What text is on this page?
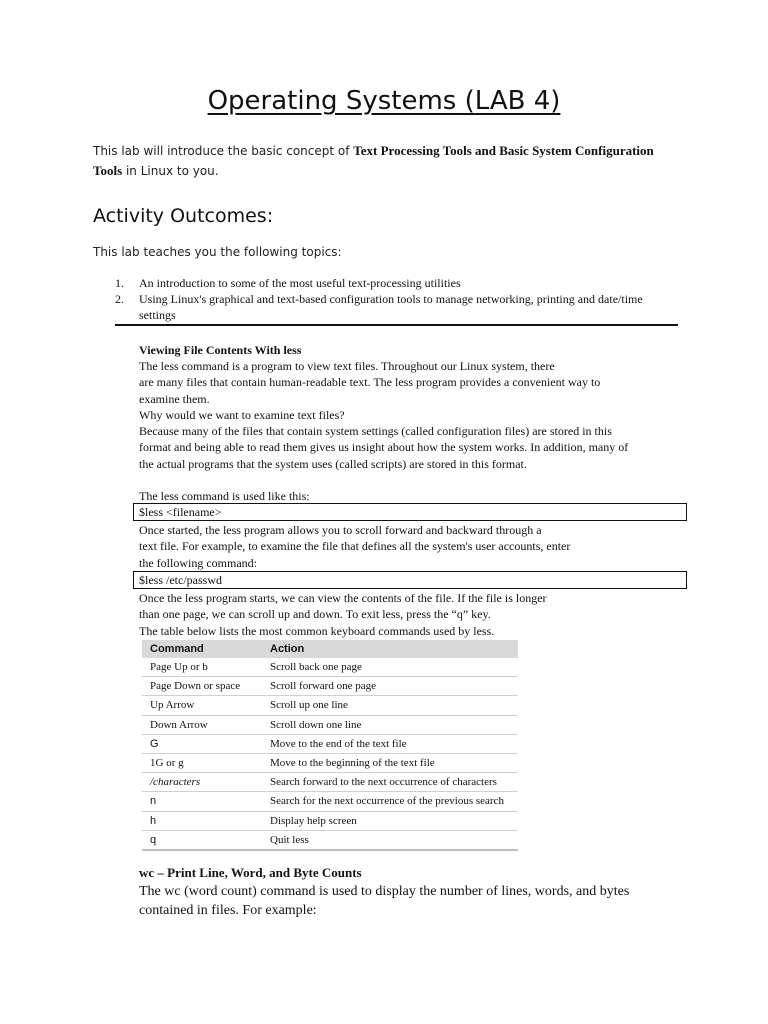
Operating Systems (LAB 4)

This lab will introduce the basic concept of Text Processing Tools and Basic System Configuration Tools in Linux to you.

Activity Outcomes:

This lab teaches you the following topics:

1. An introduction to some of the most useful text-processing utilities
2. Using Linux's graphical and text-based configuration tools to manage networking, printing and date/time settings
Viewing File Contents With less
The less command is a program to view text files. Throughout our Linux system, there
are many files that contain human-readable text. The less program provides a convenient way to
examine them.
Why would we want to examine text files?
Because many of the files that contain system settings (called configuration files) are stored in this
format and being able to read them gives us insight about how the system works. In addition, many of
the actual programs that the system uses (called scripts) are stored in this format.
The less command is used like this:
$less <filename>
Once started, the less program allows you to scroll forward and backward through a
text file. For example, to examine the file that defines all the system's user accounts, enter
the following command:
$less /etc/passwd
Once the less program starts, we can view the contents of the file. If the file is longer
than one page, we can scroll up and down. To exit less, press the “q” key.
The table below lists the most common keyboard commands used by less.
Command	Action
Page Up or b	Scroll back one page
Page Down or space	Scroll forward one page
Up Arrow	Scroll up one line
Down Arrow	Scroll down one line
G	Move to the end of the text file
1G or g	Move to the beginning of the text file
/characters	Search forward to the next occurrence of characters
n	Search for the next occurrence of the previous search
h	Display help screen
q	Quit less
wc – Print Line, Word, and Byte Counts
The wc (word count) command is used to display the number of lines, words, and bytes
contained in files. For example:
